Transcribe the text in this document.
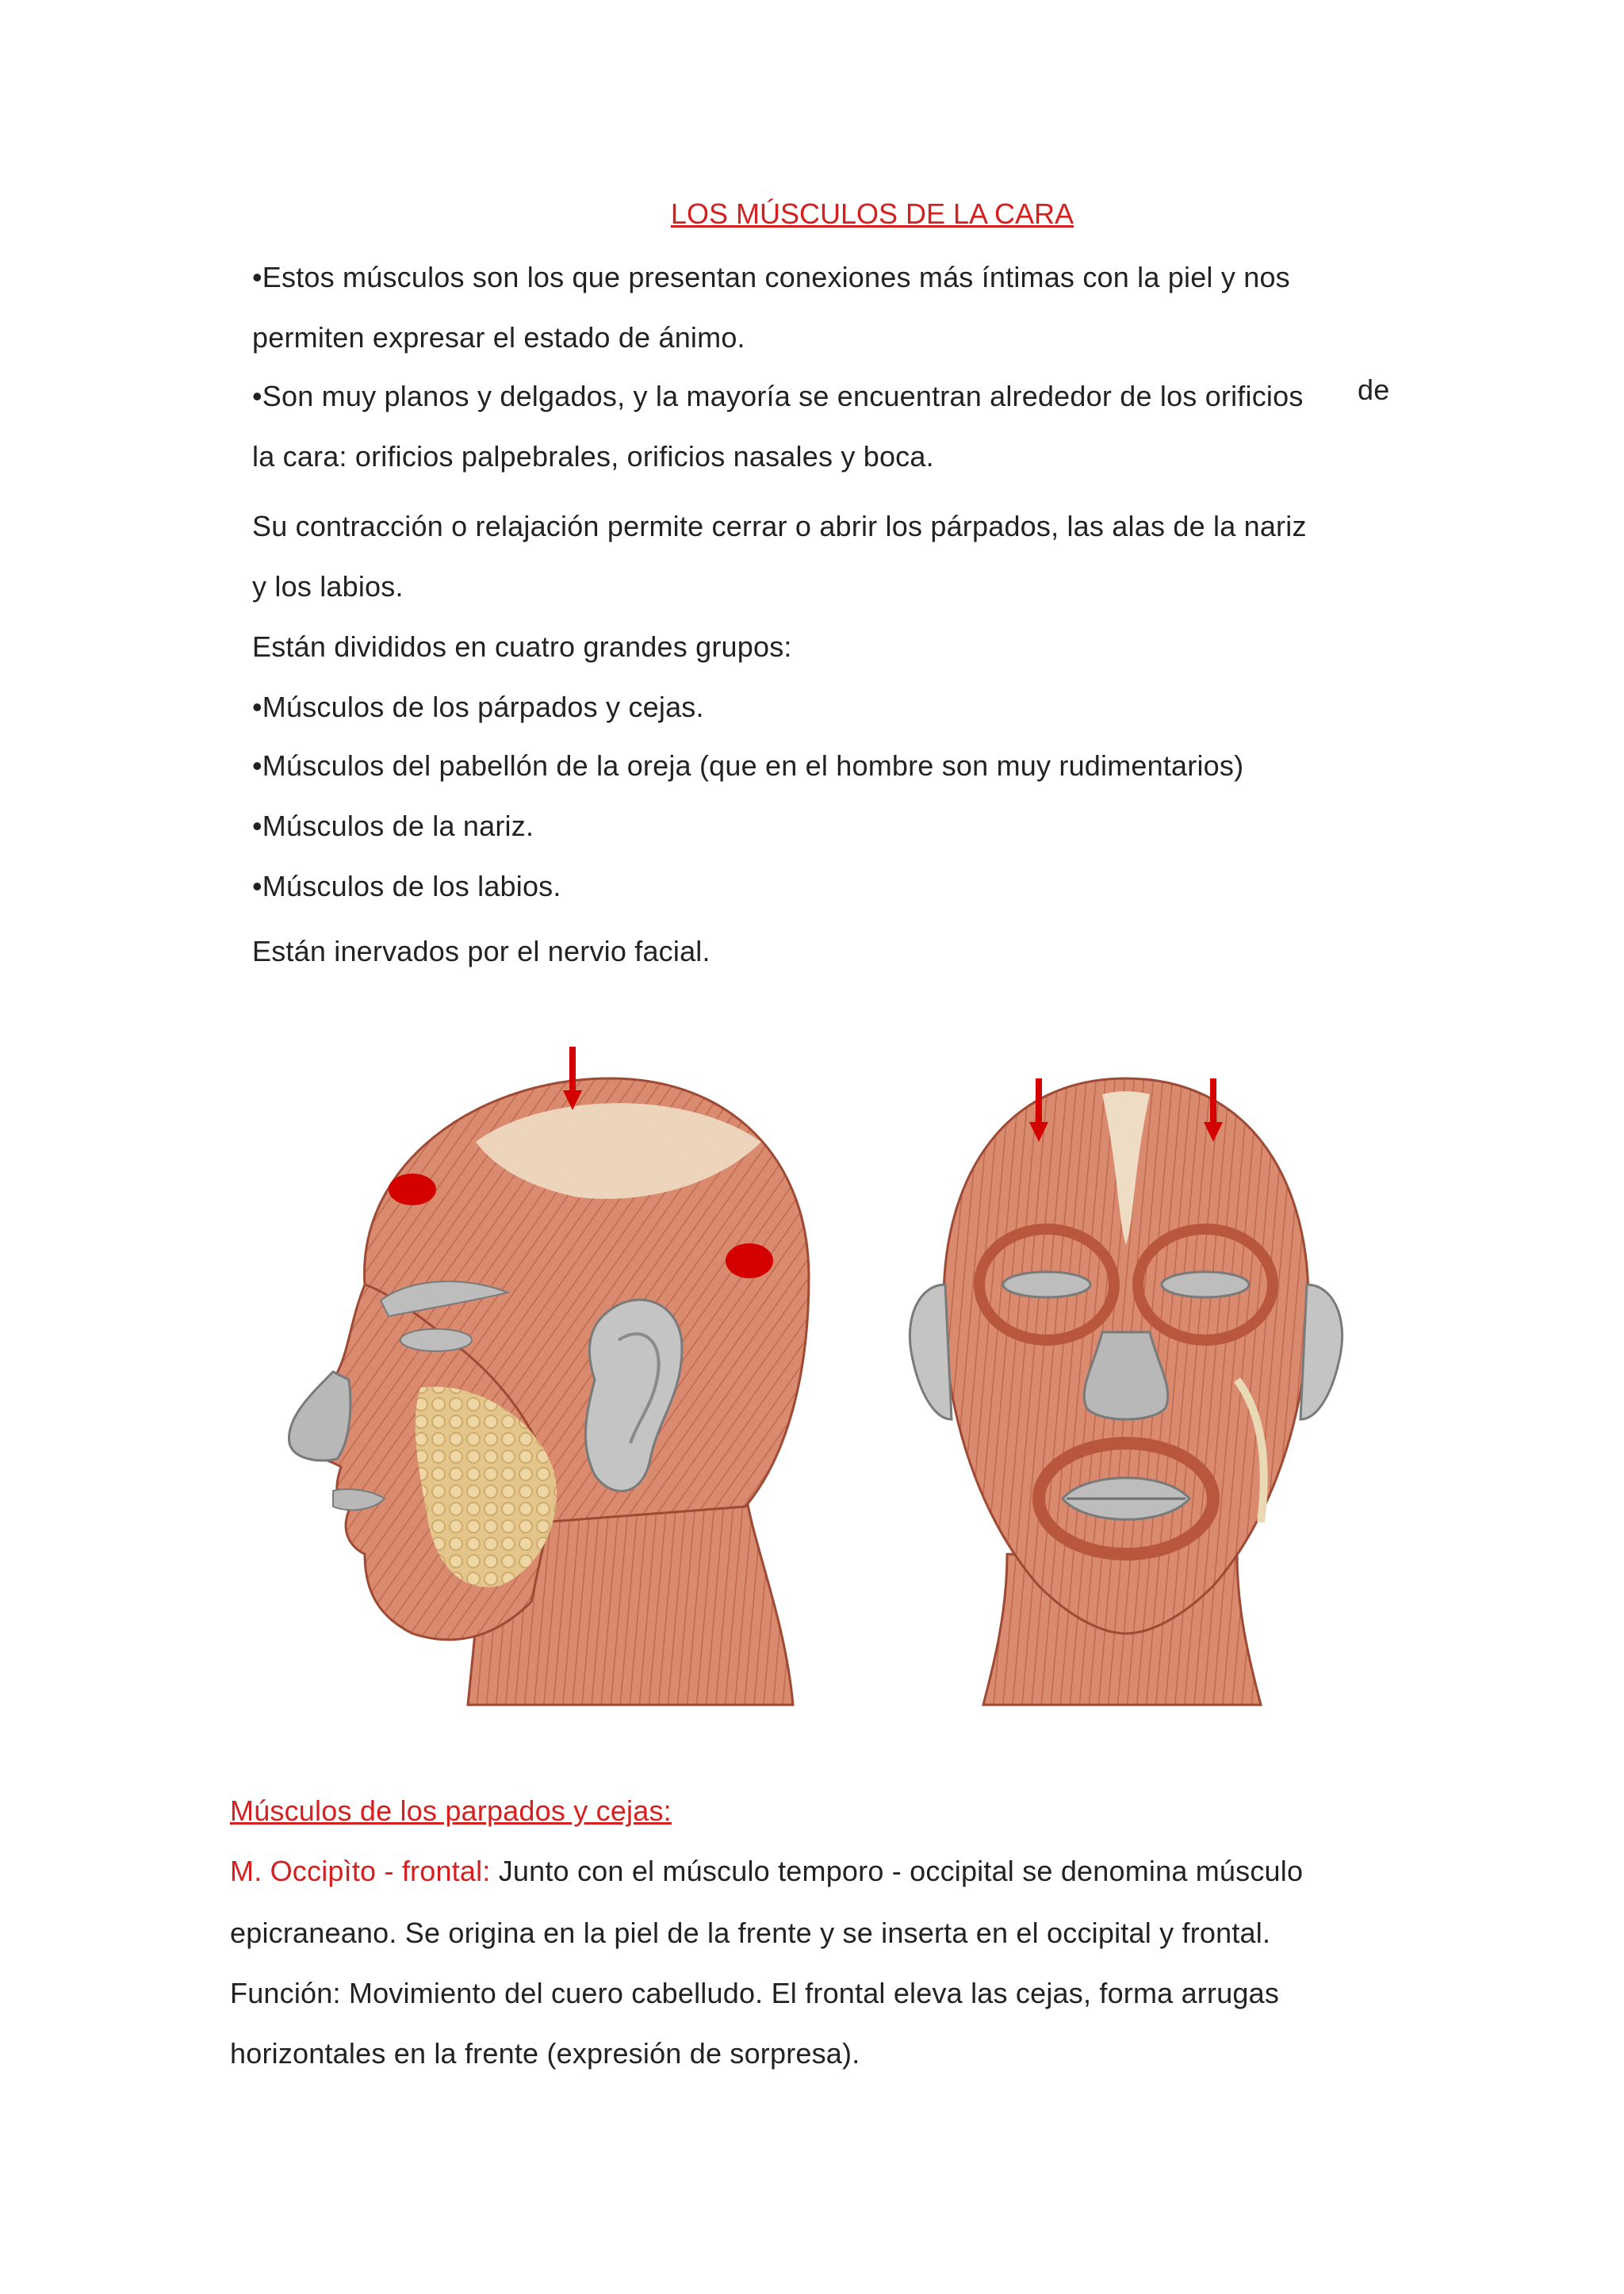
LOS MÚSCULOS DE LA CARA
•Estos músculos son los que presentan conexiones más íntimas con la piel y nos
permiten expresar el estado de ánimo.
•Son muy planos y delgados, y la mayoría se encuentran alrededor de los orificios de
la cara: orificios palpebrales, orificios nasales y boca.
Su contracción o relajación permite cerrar o abrir los párpados, las alas de la nariz
y los labios.
Están divididos en cuatro grandes grupos:
•Músculos de los párpados y cejas.
•Músculos del pabellón de la oreja (que en el hombre son muy rudimentarios)
•Músculos de la nariz.
•Músculos de los labios.
Están inervados por el nervio facial.
Músculos de los parpados y cejas:
M. Occipìto - frontal: Junto con el músculo temporo - occipital se denomina músculo
epicraneano. Se origina en la piel de la frente y se inserta en el occipital y frontal.
Función: Movimiento del cuero cabelludo. El frontal eleva las cejas, forma arrugas
horizontales en la frente (expresión de sorpresa).
